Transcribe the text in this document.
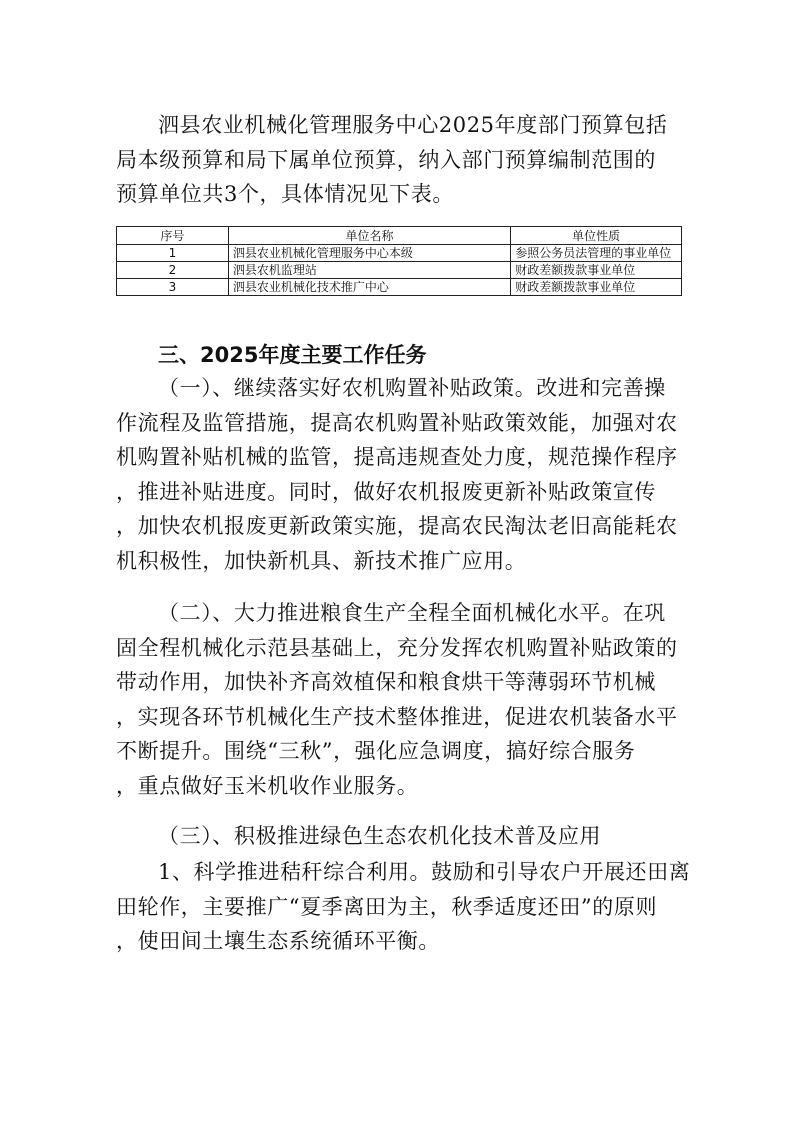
泗县农业机械化管理服务中心2025年度部门预算包括
局本级预算和局下属单位预算，纳入部门预算编制范围的
预算单位共3个，具体情况见下表。

序号	单位名称	单位性质
1	泗县农业机械化管理服务中心本级	参照公务员法管理的事业单位
2	泗县农机监理站	财政差额拨款事业单位
3	泗县农业机械化技术推广中心	财政差额拨款事业单位
三、2025年度主要工作任务

（一）、继续落实好农机购置补贴政策。改进和完善操
作流程及监管措施，提高农机购置补贴政策效能，加强对农
机购置补贴机械的监管，提高违规查处力度，规范操作程序
，推进补贴进度。同时，做好农机报废更新补贴政策宣传
，加快农机报废更新政策实施，提高农民淘汰老旧高能耗农
机积极性，加快新机具、新技术推广应用。

（二）、大力推进粮食生产全程全面机械化水平。在巩
固全程机械化示范县基础上，充分发挥农机购置补贴政策的
带动作用，加快补齐高效植保和粮食烘干等薄弱环节机械
，实现各环节机械化生产技术整体推进，促进农机装备水平
不断提升。围绕“三秋”，强化应急调度，搞好综合服务
，重点做好玉米机收作业服务。

（三）、积极推进绿色生态农机化技术普及应用

1、科学推进秸秆综合利用。鼓励和引导农户开展还田离
田轮作，主要推广“夏季离田为主，秋季适度还田”的原则
，使田间土壤生态系统循环平衡。
